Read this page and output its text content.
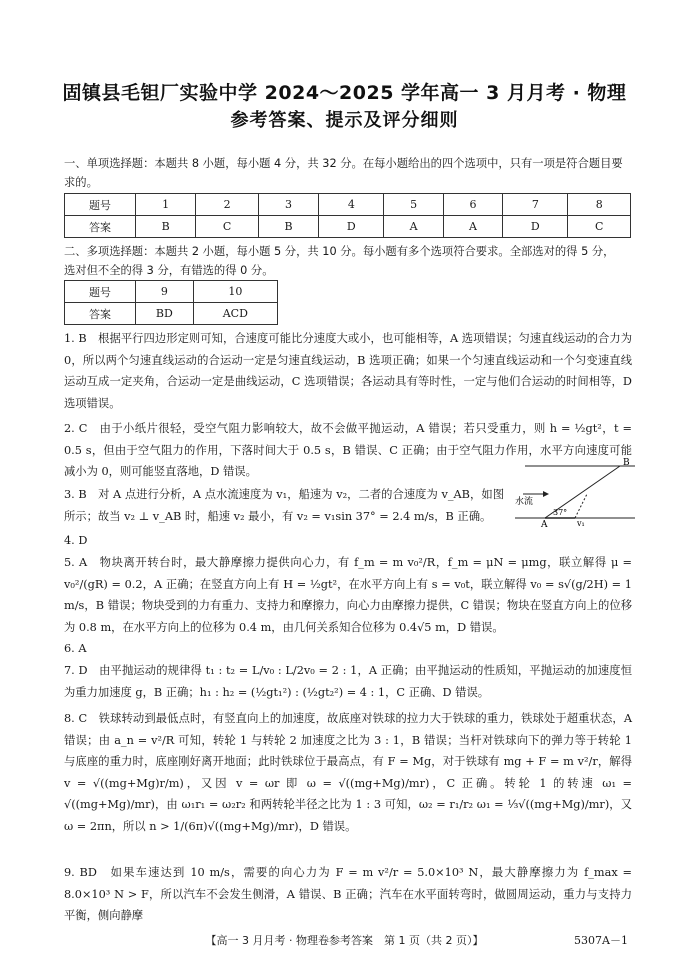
固镇县毛钽厂实验中学 2024～2025 学年高一 3 月月考 · 物理
参考答案、提示及评分细则
一、单项选择题：本题共 8 小题，每小题 4 分，共 32 分。在每小题给出的四个选项中，只有一项是符合题目要求的。
题号	1	2	3	4	5	6	7	8
答案	B	C	B	D	A	A	D	C
二、多项选择题：本题共 2 小题，每小题 5 分，共 10 分。每小题有多个选项符合要求。全部选对的得 5 分，选对但不全的得 3 分，有错选的得 0 分。
题号	9	10
答案	BD	ACD
1. B　根据平行四边形定则可知，合速度可能比分速度大或小，也可能相等，A 选项错误；匀速直线运动的合力为 0，所以两个匀速直线运动的合运动一定是匀速直线运动，B 选项正确；如果一个匀速直线运动和一个匀变速直线运动互成一定夹角，合运动一定是曲线运动，C 选项错误；各运动具有等时性，一定与他们合运动的时间相等，D 选项错误。
2. C　由于小纸片很轻，受空气阻力影响较大，故不会做平抛运动，A 错误；若只受重力，则 h = ½gt²，t = 0.5 s，但由于空气阻力的作用，下落时间大于 0.5 s，B 错误、C 正确；由于空气阻力作用，水平方向速度可能减小为 0，则可能竖直落地，D 错误。
3. B　对 A 点进行分析，A 点水流速度为 v₁，船速为 v₂，二者的合速度为 v_AB，如图所示；故当 v₂ ⊥ v_AB 时，船速 v₂ 最小，有 v₂ = v₁sin 37° = 2.4 m/s，B 正确。
4. D
水流
A
B
37°
v₁
5. A　物块离开转台时，最大静摩擦力提供向心力，有 f_m = m v₀²/R，f_m = μN = μmg，联立解得 μ = v₀²/(gR) = 0.2，A 正确；在竖直方向上有 H = ½gt²，在水平方向上有 s = v₀t，联立解得 v₀ = s√(g/2H) = 1 m/s，B 错误；物块受到的力有重力、支持力和摩擦力，向心力由摩擦力提供，C 错误；物块在竖直方向上的位移为 0.8 m，在水平方向上的位移为 0.4 m，由几何关系知合位移为 0.4√5 m，D 错误。
6. A
7. D　由平抛运动的规律得 t₁ : t₂ = L/v₀ : L/2v₀ = 2 : 1，A 正确；由平抛运动的性质知，平抛运动的加速度恒为重力加速度 g，B 正确；h₁ : h₂ = (½gt₁²) : (½gt₂²) = 4 : 1，C 正确、D 错误。
8. C　铁球转动到最低点时，有竖直向上的加速度，故底座对铁球的拉力大于铁球的重力，铁球处于超重状态，A 错误；由 a_n = v²/R 可知，转轮 1 与转轮 2 加速度之比为 3 : 1，B 错误；当杆对铁球向下的弹力等于转轮 1 与底座的重力时，底座刚好离开地面；此时铁球位于最高点，有 F = Mg，对于铁球有 mg + F = m v²/r，解得 v = √((mg+Mg)r/m)，又因 v = ωr 即 ω = √((mg+Mg)/mr)，C 正确。转轮 1 的转速 ω₁ = √((mg+Mg)/mr)，由 ω₁r₁ = ω₂r₂ 和两转轮半径之比为 1 : 3 可知，ω₂ = r₁/r₂ ω₁ = ⅓√((mg+Mg)/mr)，又 ω = 2πn，所以 n > 1/(6π)√((mg+Mg)/mr)，D 错误。
9. BD　如果车速达到 10 m/s，需要的向心力为 F = m v²/r = 5.0×10³ N，最大静摩擦力为 f_max = 8.0×10³ N > F，所以汽车不会发生侧滑，A 错误、B 正确；汽车在水平面转弯时，做圆周运动，重力与支持力平衡，侧向静摩
【高一 3 月月考 · 物理卷参考答案　第 1 页（共 2 页）】	5307A－1
